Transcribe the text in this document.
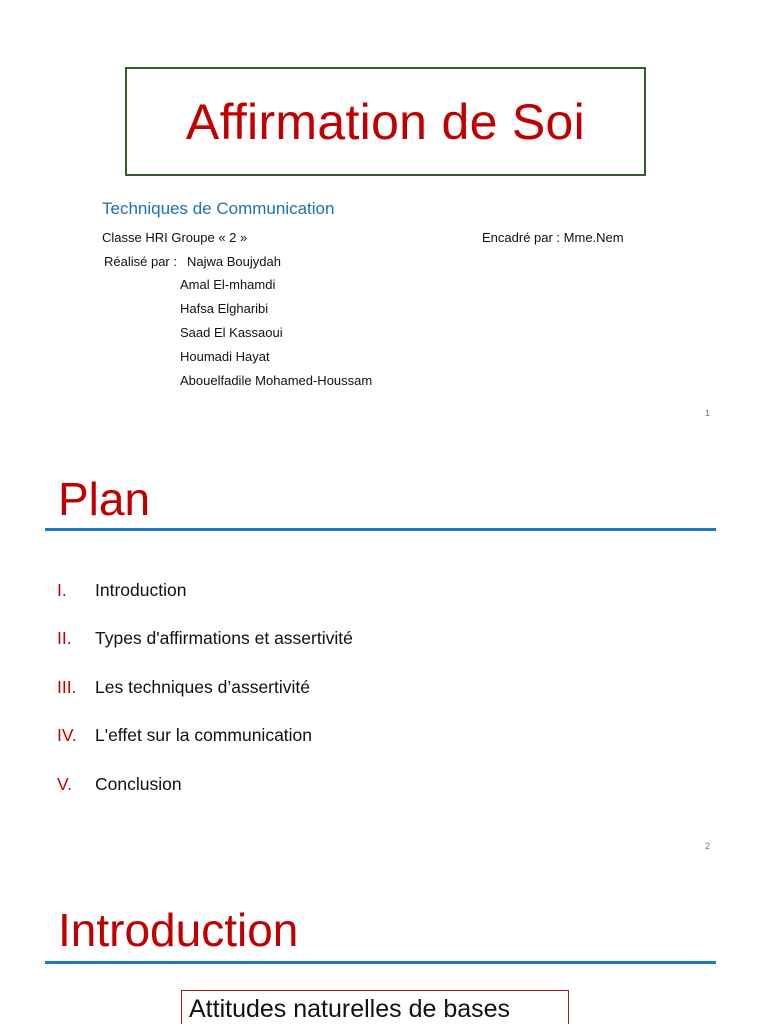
Affirmation de Soi
Techniques de Communication
Classe HRI Groupe « 2 »	Encadré par : Mme.Nem
Réalisé par : Najwa Boujydah
Amal El-mhamdi
Hafsa Elgharibi
Saad El Kassaoui
Houmadi Hayat
Abouelfadile Mohamed-Houssam
1
Plan
I.	Introduction
II.	Types d'affirmations et assertivité
III.	Les techniques d’assertivité
IV.	L'effet sur la communication
V.	Conclusion
2
Introduction
Attitudes naturelles de bases
